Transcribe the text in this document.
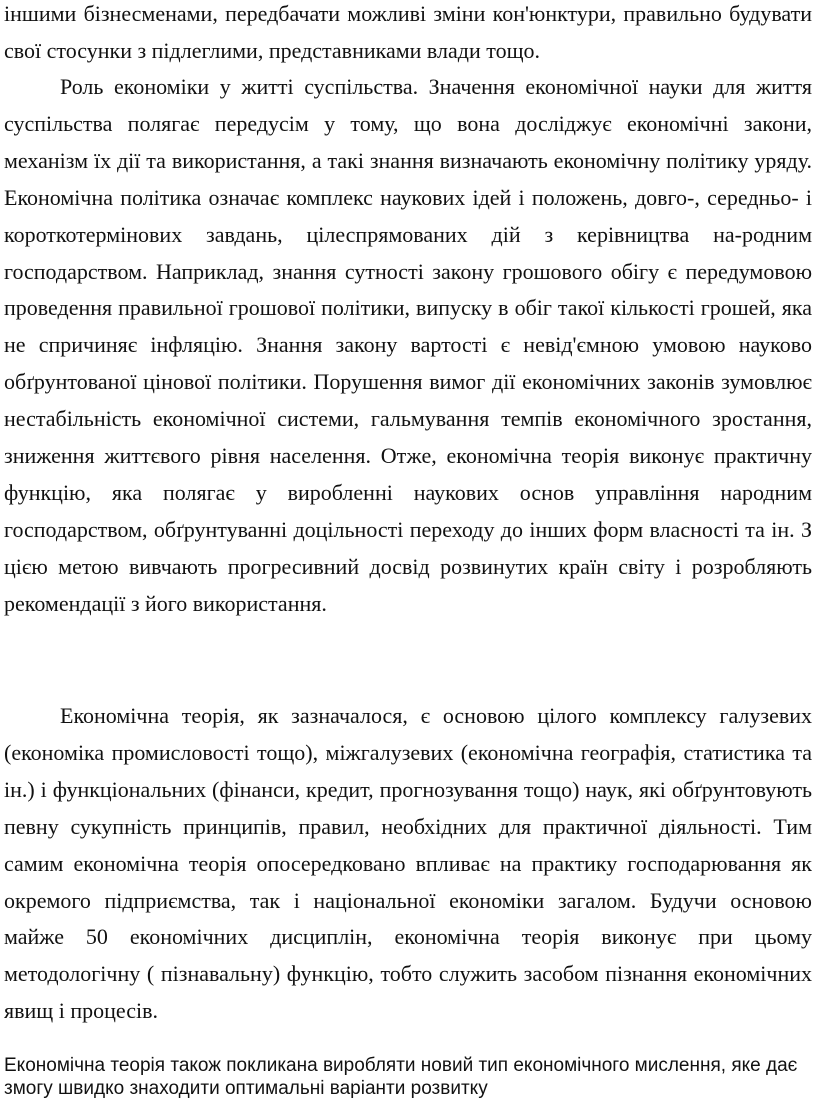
іншими бізнесменами, передбачати можливі зміни кон'юнктури, правильно будувати свої стосунки з підлеглими, представниками влади тощо.

Роль економіки у житті суспільства. Значення економічної науки для життя суспільства полягає передусім у тому, що вона досліджує економічні закони, механізм їх дії та використання, а такі знання визначають економічну політику уряду. Економічна політика означає комплекс наукових ідей і положень, довго-, середньо- і короткотермінових завдань, цілеспрямованих дій з керівництва на-родним господарством. Наприклад, знання сутності закону грошового обігу є передумовою проведення правильної грошової політики, випуску в обіг такої кількості грошей, яка не спричиняє інфляцію. Знання закону вартості є невід'ємною умовою науково обґрунтованої цінової політики. Порушення вимог дії економічних законів зумовлює нестабільність економічної системи, гальмування темпів економічного зростання, зниження життєвого рівня населення. Отже, економічна теорія виконує практичну функцію, яка полягає у виробленні наукових основ управління народним господарством, обґрунтуванні доцільності переходу до інших форм власності та ін. З цією метою вивчають прогресивний досвід розвинутих країн світу і розробляють рекомендації з його використання.

Економічна теорія, як зазначалося, є основою цілого комплексу галузевих (економіка промисловості тощо), міжгалузевих (економічна географія, статистика та ін.) і функціональних (фінанси, кредит, прогнозування тощо) наук, які обґрунтовують певну сукупність принципів, правил, необхідних для практичної діяльності. Тим самим економічна теорія опосередковано впливає на практику господарювання як окремого підприємства, так і національної економіки загалом. Будучи основою майже 50 економічних дисциплін, економічна теорія виконує при цьому методологічну ( пізнавальну) функцію, тобто служить засобом пізнання економічних явищ і процесів.

Економічна теорія також покликана виробляти новий тип економічного мислення, яке дає змогу швидко знаходити оптимальні варіанти розвитку
